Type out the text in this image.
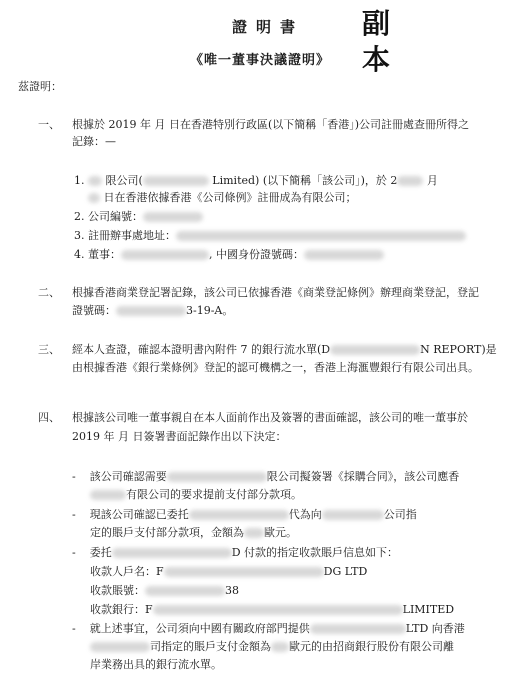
證明書
《唯一董事決議證明》
副
本
茲證明：
一、 根據於 2019 年 月 日在香港特別行政區(以下簡稱「香港」)公司註冊處查冊所得之
記錄：—
1. 限公司(	Limited) (以下簡稱「該公司」)，於 2	月
日在香港依據香港《公司條例》註冊成為有限公司；
2. 公司編號：
3. 註冊辦事處地址：
4. 董事：	, 中國身份證號碼：
二、 根據香港商業登記署記錄，該公司已依據香港《商業登記條例》辦理商業登記，登記
證號碼：	3-19-A。
三、 經本人查證，確認本證明書內附件 7 的銀行流水單(D	N REPORT)是
由根據香港《銀行業條例》登記的認可機構之一，香港上海滙豐銀行有限公司出具。
四、 根據該公司唯一董事親自在本人面前作出及簽署的書面確認，該公司的唯一董事於
2019 年 月 日簽署書面記錄作出以下決定：
- 該公司確認需要	限公司擬簽署《採購合同》，該公司應香
有限公司的要求提前支付部分款項。
- 現該公司確認已委托	代為向	公司指
定的賬戶支付部分款項，金額為 歐元。
- 委托	D 付款的指定收款賬戶信息如下：
收款人戶名：F	DG LTD
收款賬號：	38
收款銀行：F	LIMITED
- 就上述事宜，公司須向中國有關政府部門提供	LTD 向香港
司指定的賬戶支付金額為 歐元的由招商銀行股份有限公司離
岸業務出具的銀行流水單。
